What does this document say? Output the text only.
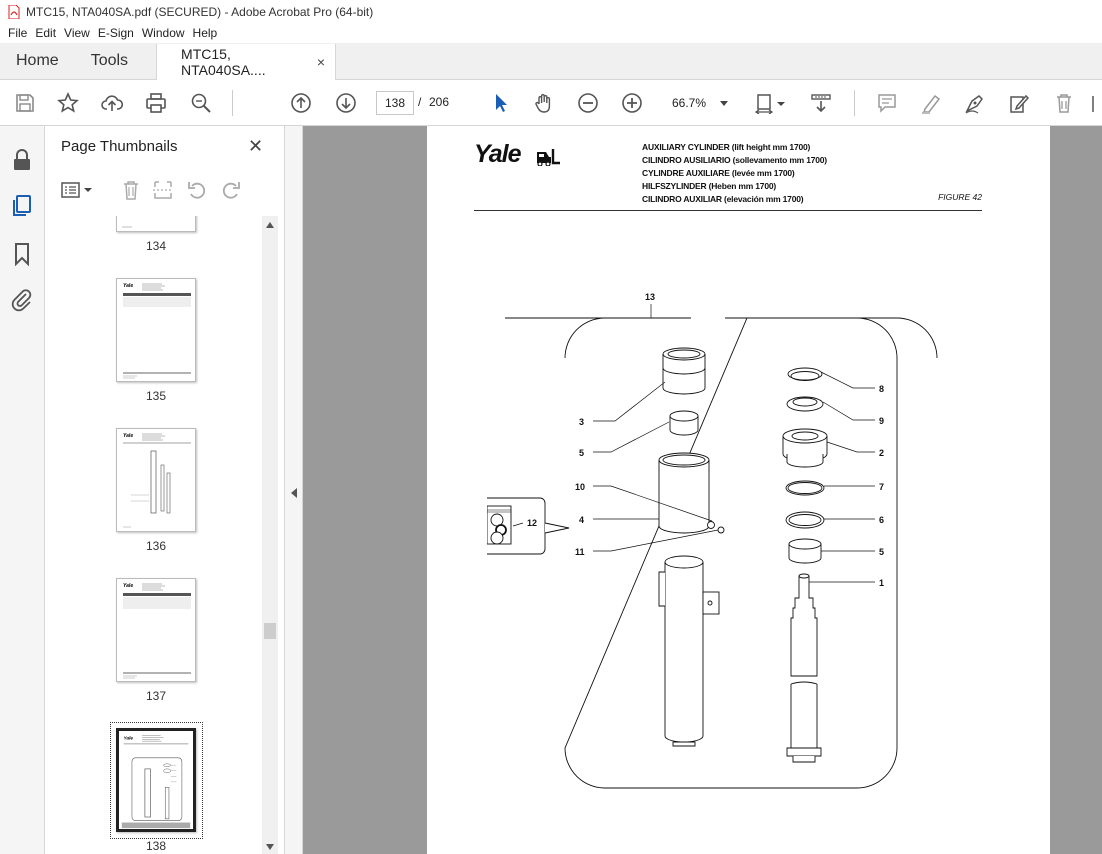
MTC15, NTA040SA.pdf (SECURED) - Adobe Acrobat Pro (64-bit)
File Edit View E-Sign Window Help
Home	Tools	MTC15, NTA040SA....	×
138	/ 206	66.7%
Page Thumbnails	✕
134
Yale
135
Yale
136
Yale
137
Yale
138
Yale	AUXILIARY CYLINDER (lift height mm 1700)
CILINDRO AUSILIARIO (sollevamento mm 1700)
CYLINDRE AUXILIARE (levée mm 1700)
HILFSZYLINDER (Heben mm 1700)
CILINDRO AUXILIAR (elevación mm 1700)	FIGURE 42
13
3
5
10
4
12
11
8
9
2
7
6
5
1
